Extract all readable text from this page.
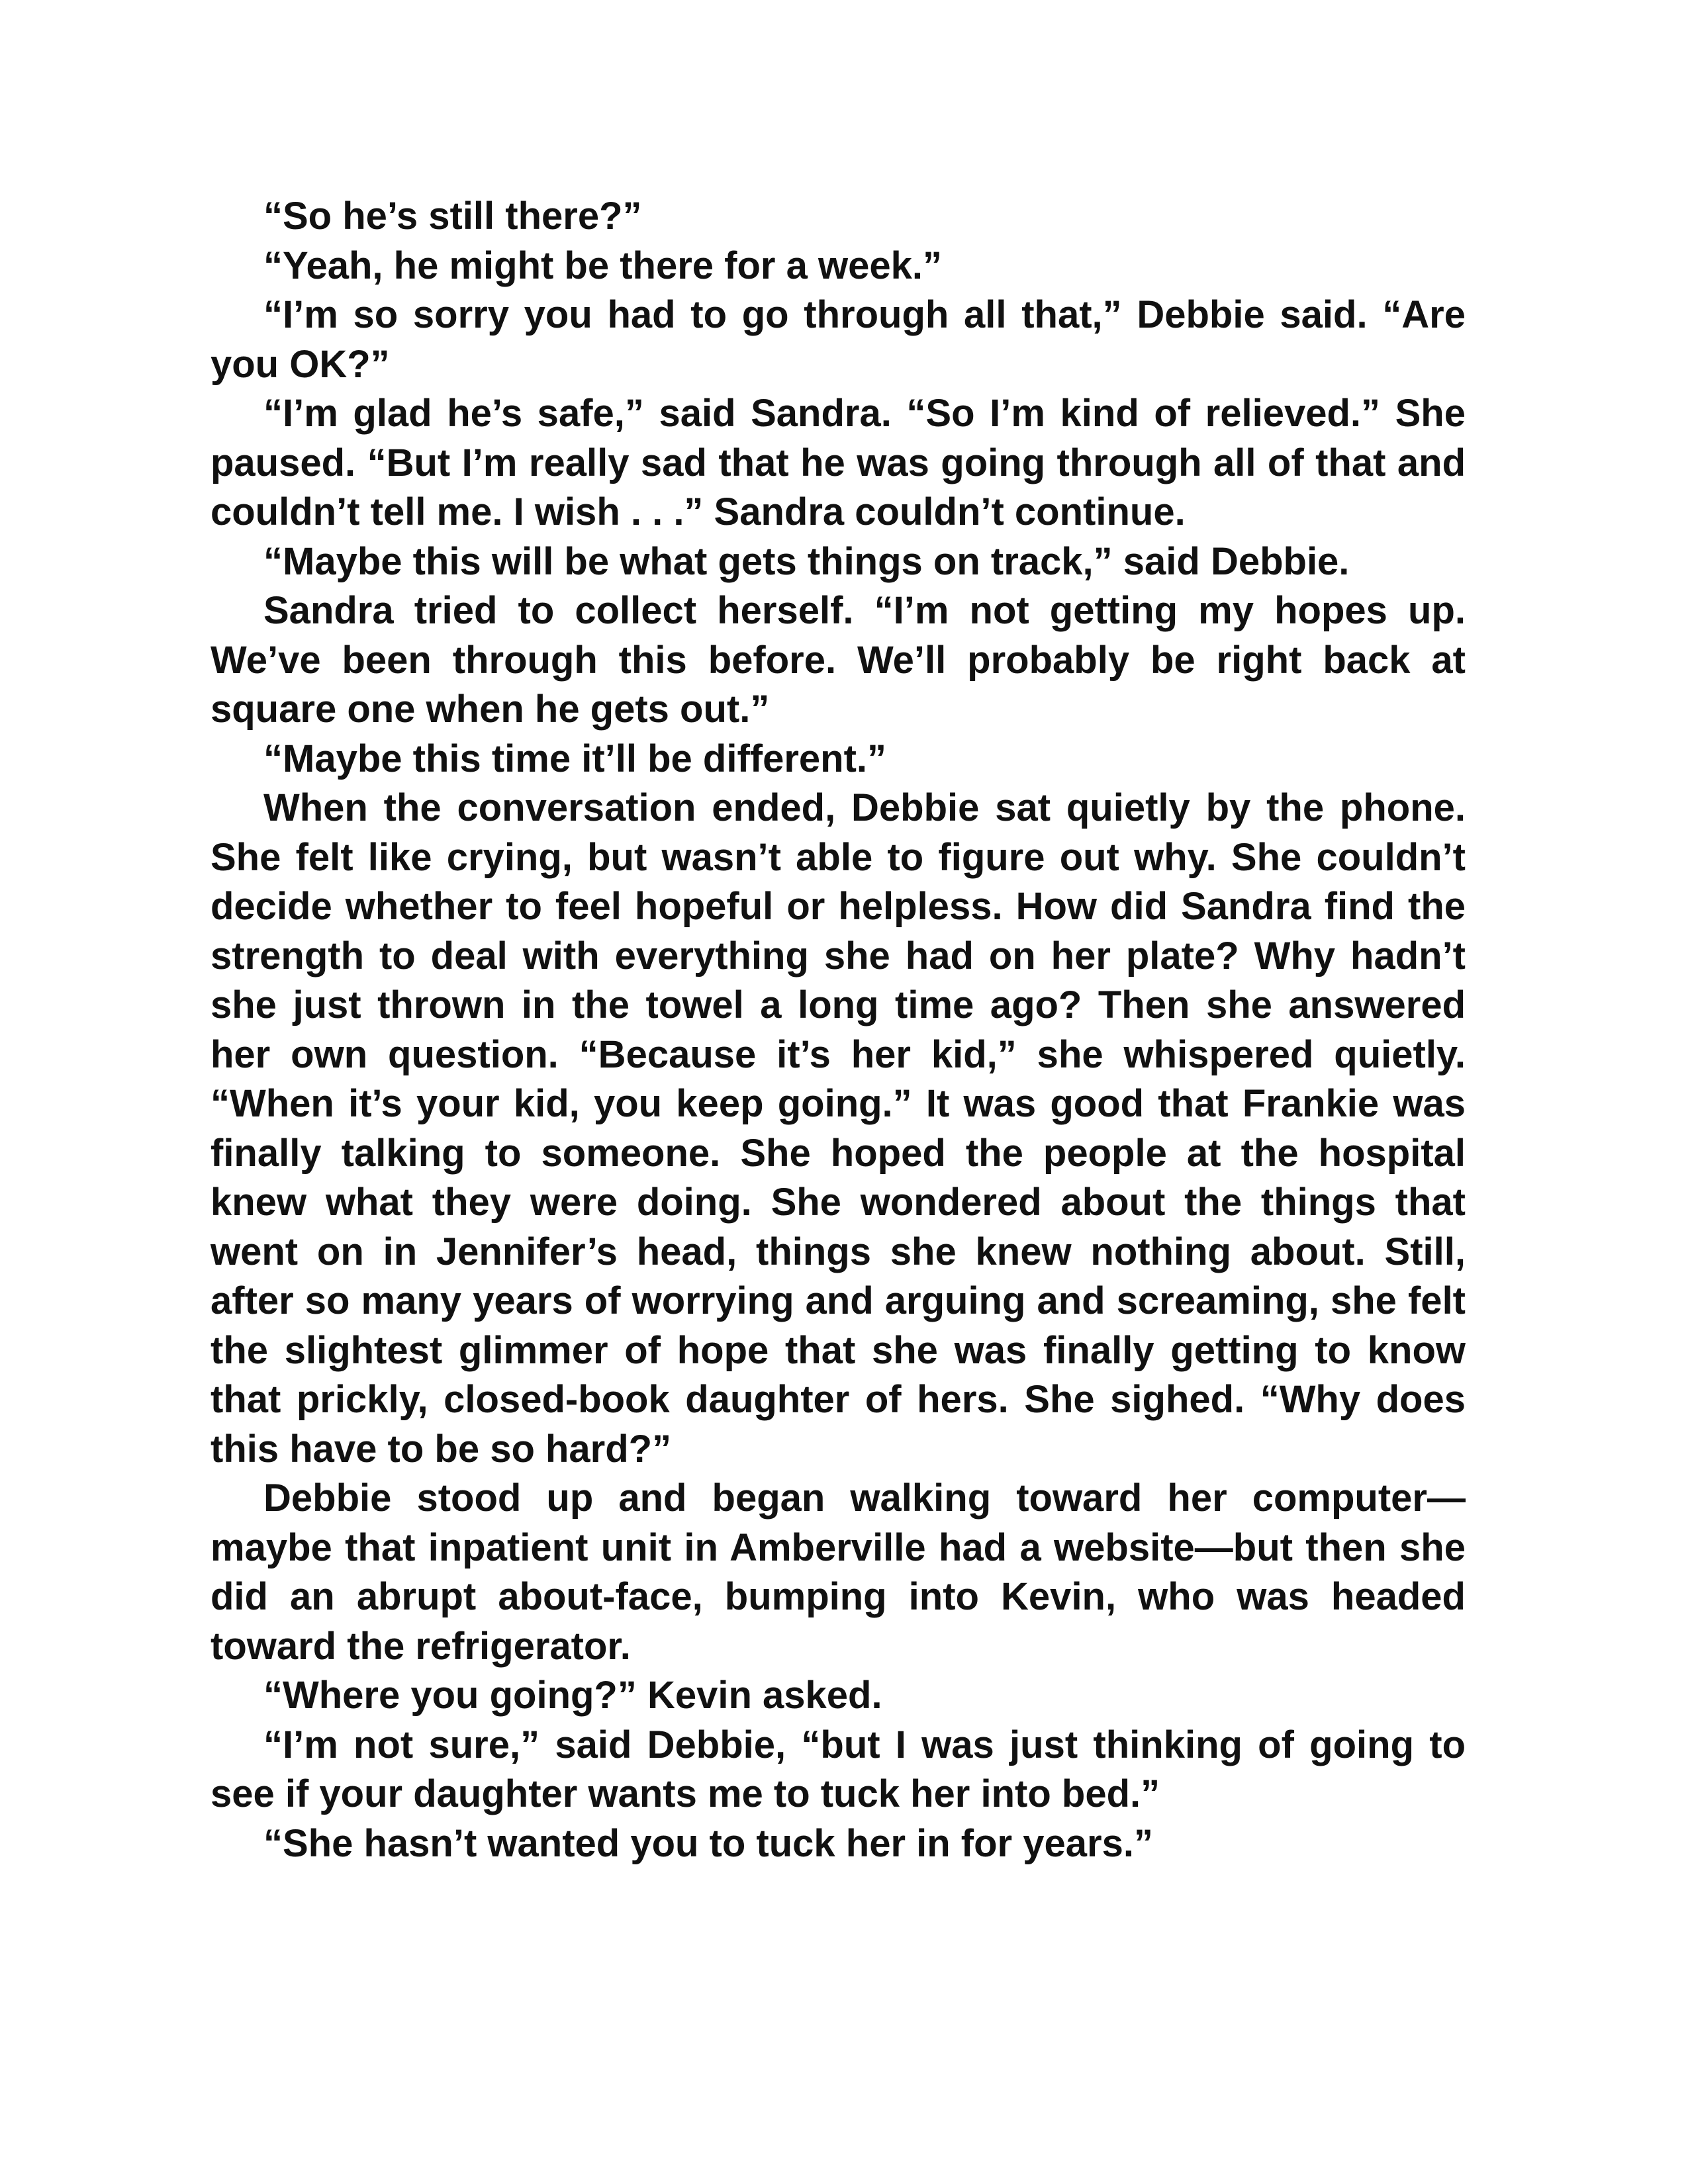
“So he’s still there?”

“Yeah, he might be there for a week.”

“I’m so sorry you had to go through all that,” Debbie said. “Are you OK?”

“I’m glad he’s safe,” said Sandra. “So I’m kind of relieved.” She paused. “But I’m really sad that he was going through all of that and couldn’t tell me. I wish . . .” Sandra couldn’t continue.

“Maybe this will be what gets things on track,” said Debbie.

Sandra tried to collect herself. “I’m not getting my hopes up. We’ve been through this before. We’ll probably be right back at square one when he gets out.”

“Maybe this time it’ll be different.”

When the conversation ended, Debbie sat quietly by the phone. She felt like crying, but wasn’t able to figure out why. She couldn’t decide whether to feel hopeful or helpless. How did Sandra find the strength to deal with everything she had on her plate? Why hadn’t she just thrown in the towel a long time ago? Then she answered her own question. “Because it’s her kid,” she whispered quietly. “When it’s your kid, you keep going.” It was good that Frankie was finally talking to someone. She hoped the people at the hospital knew what they were doing. She wondered about the things that went on in Jennifer’s head, things she knew nothing about. Still, after so many years of worrying and arguing and screaming, she felt the slightest glimmer of hope that she was finally getting to know that prickly, closed-book daughter of hers. She sighed. “Why does this have to be so hard?”

Debbie stood up and began walking toward her computer—maybe that inpatient unit in Amberville had a website—but then she did an abrupt about-face, bumping into Kevin, who was headed toward the refrigerator.

“Where you going?” Kevin asked.

“I’m not sure,” said Debbie, “but I was just thinking of going to see if your daughter wants me to tuck her into bed.”

“She hasn’t wanted you to tuck her in for years.”
